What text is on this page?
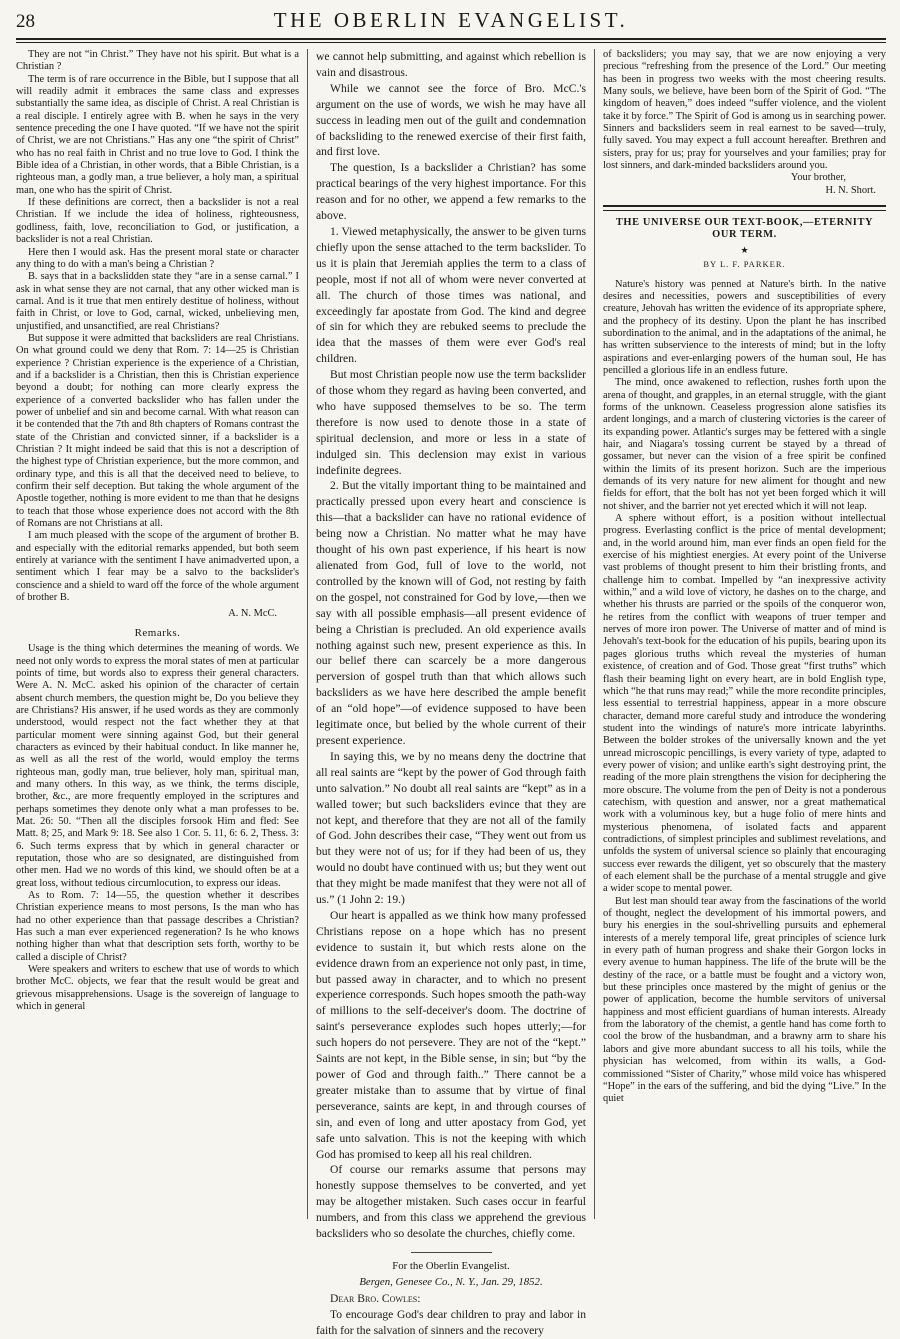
28	THE OBERLIN EVANGELIST.

They are not “in Christ.” They have not his spirit. But what is a Christian ?

The term is of rare occurrence in the Bible, but I suppose that all will readily admit it embraces the same class and expresses substantially the same idea, as disciple of Christ. A real Christian is a real disciple. I entirely agree with B. when he says in the very sentence preceding the one I have quoted. “If we have not the spirit of Christ, we are not Christians.” Has any one “the spirit of Christ” who has no real faith in Christ and no true love to God. I think the Bible idea of a Christian, in other words, that a Bible Christian, is a righteous man, a godly man, a true believer, a holy man, a spiritual man, one who has the spirit of Christ.

If these definitions are correct, then a backslider is not a real Christian. If we include the idea of holiness, righteousness, godliness, faith, love, reconciliation to God, or justification, a backslider is not a real Christian.

Here then I would ask. Has the present moral state or character any thing to do with a man's being a Christian ?

B. says that in a backslidden state they “are in a sense carnal.” I ask in what sense they are not carnal, that any other wicked man is carnal. And is it true that men entirely destitue of holiness, without faith in Christ, or love to God, carnal, wicked, unbelieving men, unjustified, and unsanctified, are real Christians?

But suppose it were admitted that backsliders are real Christians. On what ground could we deny that Rom. 7: 14—25 is Christian experience ? Christian experience is the experience of a Christian, and if a backslider is a Christian, then this is Christian experience beyond a doubt; for nothing can more clearly express the experience of a converted backslider who has fallen under the power of unbelief and sin and become carnal. With what reason can it be contended that the 7th and 8th chapters of Romans contrast the state of the Christian and convicted sinner, if a backslider is a Christian ? It might indeed be said that this is not a description of the highest type of Christian experience, but the more common, and ordinary type, and this is all that the deceived need to believe, to confirm their self deception. But taking the whole argument of the Apostle together, nothing is more evident to me than that he designs to teach that those whose experience does not accord with the 8th of Romans are not Christians at all.

I am much pleased with the scope of the argument of brother B. and especially with the editorial remarks appended, but both seem entirely at variance with the sentiment I have animadverted upon, a sentiment which I fear may be a salvo to the backslider's conscience and a shield to ward off the force of the whole argument of brother B.

A. N. McC.

Remarks.

Usage is the thing which determines the meaning of words. We need not only words to express the moral states of men at particular points of time, but words also to express their general characters. Were A. N. McC. asked his opinion of the character of certain absent church members, the question might be, Do you believe they are Christians? His answer, if he used words as they are commonly understood, would respect not the fact whether they at that particular moment were sinning against God, but their general characters as evinced by their habitual conduct. In like manner he, as well as all the rest of the world, would employ the terms righteous man, godly man, true believer, holy man, spiritual man, and many others. In this way, as we think, the terms disciple, brother, &c., are more frequently employed in the scriptures and perhaps sometimes they denote only what a man professes to be. Mat. 26: 50. “Then all the disciples forsook Him and fled: See Matt. 8; 25, and Mark 9: 18. See also 1 Cor. 5. 11, 6: 6. 2, Thess. 3: 6. Such terms express that by which in general character or reputation, those who are so designated, are distinguished from other men. Had we no words of this kind, we should often be at a great loss, without tedious circumlocution, to express our ideas.

As to Rom. 7: 14—55, the question whether it describes Christian experience means to most persons, Is the man who has had no other experience than that passage describes a Christian? Has such a man ever experienced regeneration? Is he who knows nothing higher than what that description sets forth, worthy to be called a disciple of Christ?

Were speakers and writers to eschew that use of words to which brother McC. objects, we fear that the result would be great and grievous misapprehensions. Usage is the sovereign of language to which in general

we cannot help submitting, and against which rebellion is vain and disastrous.

While we cannot see the force of Bro. McC.'s argument on the use of words, we wish he may have all success in leading men out of the guilt and condemnation of backsliding to the renewed exercise of their first faith, and first love.

The question, Is a backslider a Christian? has some practical bearings of the very highest importance. For this reason and for no other, we append a few remarks to the above.

1. Viewed metaphysically, the answer to be given turns chiefly upon the sense attached to the term backslider. To us it is plain that Jeremiah applies the term to a class of people, most if not all of whom were never converted at all. The church of those times was national, and exceedingly far apostate from God. The kind and degree of sin for which they are rebuked seems to preclude the idea that the masses of them were ever God's real children.

But most Christian people now use the term backslider of those whom they regard as having been converted, and who have supposed themselves to be so. The term therefore is now used to denote those in a state of spiritual declension, and more or less in a state of indulged sin. This declension may exist in various indefinite degrees.

2. But the vitally important thing to be maintained and practically pressed upon every heart and conscience is this—that a backslider can have no rational evidence of being now a Christian. No matter what he may have thought of his own past experience, if his heart is now alienated from God, full of love to the world, not controlled by the known will of God, not resting by faith on the gospel, not constrained for God by love,—then we say with all possible emphasis—all present evidence of being a Christian is precluded. An old experience avails nothing against such new, present experience as this. In our belief there can scarcely be a more dangerous perversion of gospel truth than that which allows such backsliders as we have here described the ample benefit of an “old hope”—of evidence supposed to have been legitimate once, but belied by the whole current of their present experience.

In saying this, we by no means deny the doctrine that all real saints are “kept by the power of God through faith unto salvation.” No doubt all real saints are “kept” as in a walled tower; but such backsliders evince that they are not kept, and therefore that they are not all of the family of God. John describes their case, “They went out from us but they were not of us; for if they had been of us, they would no doubt have continued with us; but they went out that they might be made manifest that they were not all of us.” (1 John 2: 19.)

Our heart is appalled as we think how many professed Christians repose on a hope which has no present evidence to sustain it, but which rests alone on the evidence drawn from an experience not only past, in time, but passed away in character, and to which no present experience corresponds. Such hopes smooth the path-way of millions to the self-deceiver's doom. The doctrine of saint's perseverance explodes such hopes utterly;—for such hopers do not persevere. They are not of the “kept.” Saints are not kept, in the Bible sense, in sin; but “by the power of God and through faith..” There cannot be a greater mistake than to assume that by virtue of final perseverance, saints are kept, in and through courses of sin, and even of long and utter apostacy from God, yet safe unto salvation. This is not the keeping with which God has promised to keep all his real children.

Of course our remarks assume that persons may honestly suppose themselves to be converted, and yet may be altogether mistaken. Such cases occur in fearful numbers, and from this class we apprehend the grevious backsliders who so desolate the churches, chiefly come.

For the Oberlin Evangelist.

Bergen, Genesee Co., N. Y., Jan. 29, 1852.

Dear Bro. Cowles:

To encourage God's dear children to pray and labor in faith for the salvation of sinners and the recovery

of backsliders; you may say, that we are now enjoying a very precious “refreshing from the presence of the Lord.” Our meeting has been in progress two weeks with the most cheering results. Many souls, we believe, have been born of the Spirit of God. “The kingdom of heaven,” does indeed “suffer violence, and the violent take it by force.” The Spirit of God is among us in searching power. Sinners and backsliders seem in real earnest to be saved—truly, fully saved. You may expect a full account hereafter. Brethren and sisters, pray for us; pray for yourselves and your families; pray for lost sinners, and dark-minded backsliders around you.

Your brother,

H. N. Short.

THE UNIVERSE OUR TEXT-BOOK,—ETERNITY OUR TERM.

★

BY L. F. PARKER.

Nature's history was penned at Nature's birth. In the native desires and necessities, powers and susceptibilities of every creature, Jehovah has written the evidence of its appropriate sphere, and the prophecy of its destiny. Upon the plant he has inscribed subordination to the animal, and in the adaptations of the animal, he has written subservience to the interests of mind; but in the lofty aspirations and ever-enlarging powers of the human soul, He has pencilled a glorious life in an endless future.

The mind, once awakened to reflection, rushes forth upon the arena of thought, and grapples, in an eternal struggle, with the giant forms of the unknown. Ceaseless progression alone satisfies its ardent longings, and a march of clustering victories is the career of its expanding power. Atlantic's surges may be fettered with a single hair, and Niagara's tossing current be stayed by a thread of gossamer, but never can the vision of a free spirit be confined within the limits of its present horizon. Such are the imperious demands of its very nature for new aliment for thought and new fields for effort, that the bolt has not yet been forged which it will not shiver, and the barrier not yet erected which it will not leap.

A sphere without effort, is a position without intellectual progress. Everlasting conflict is the price of mental development; and, in the world around him, man ever finds an open field for the exercise of his mightiest energies. At every point of the Universe vast problems of thought present to him their bristling fronts, and challenge him to combat. Impelled by “an inexpressive activity within,” and a wild love of victory, he dashes on to the charge, and whether his thrusts are parried or the spoils of the conqueror won, he retires from the conflict with weapons of truer temper and nerves of more iron power. The Universe of matter and of mind is Jehovah's text-book for the education of his pupils, bearing upon its pages glorious truths which reveal the mysteries of human existence, of creation and of God. Those great “first truths” which flash their beaming light on every heart, are in bold English type, which “he that runs may read;” while the more recondite principles, less essential to terrestrial happiness, appear in a more obscure character, demand more careful study and introduce the wondering student into the windings of nature's more intricate labyrinths. Between the bolder strokes of the universally known and the yet unread microscopic pencillings, is every variety of type, adapted to every power of vision; and unlike earth's sight destroying print, the reading of the more plain strengthens the vision for deciphering the more obscure. The volume from the pen of Deity is not a ponderous catechism, with question and answer, nor a great mathematical work with a voluminous key, but a huge folio of mere hints and mysterious phenomena, of isolated facts and apparent contradictions, of simplest principles and sublimest revelations, and unfolds the system of universal science so plainly that encouraging success ever rewards the diligent, yet so obscurely that the mastery of each element shall be the purchase of a mental struggle and give a wider scope to mental power.

But lest man should tear away from the fascinations of the world of thought, neglect the development of his immortal powers, and bury his energies in the soul-shrivelling pursuits and ephemeral interests of a merely temporal life, great principles of science lurk in every path of human progress and shake their Gorgon locks in every avenue to human happiness. The life of the brute will be the destiny of the race, or a battle must be fought and a victory won, but these principles once mastered by the might of genius or the power of application, become the humble servitors of universal happiness and most efficient guardians of human interests. Already from the laboratory of the chemist, a gentle hand has come forth to cool the brow of the husbandman, and a brawny arm to share his labors and give more abundant success to all his toils, while the physician has welcomed, from within its walls, a God-commissioned “Sister of Charity,” whose mild voice has whispered “Hope” in the ears of the suffering, and bid the dying “Live.” In the quiet
